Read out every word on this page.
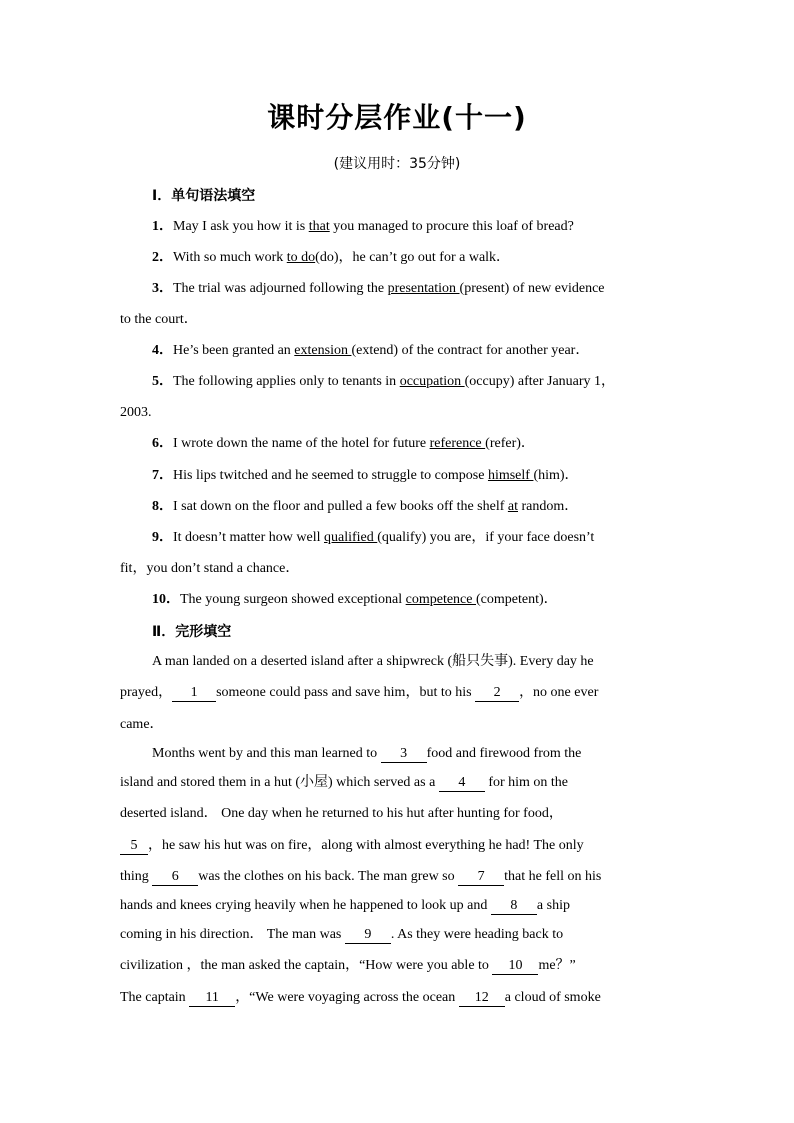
课时分层作业(十一)
(建议用时：35分钟)
Ⅰ．单句语法填空
1．May I ask you how it is that you managed to procure this loaf of bread?
2．With so much work to do(do)，he can’t go out for a walk．
3．The trial was adjourned following the presentation (present) of new evidence
to the court．
4．He’s been granted an extension (extend) of the contract for another year．
5．The following applies only to tenants in occupation (occupy) after January 1，
2003.
6．I wrote down the name of the hotel for future reference (refer)．
7．His lips twitched and he seemed to struggle to compose himself (him)．
8．I sat down on the floor and pulled a few books off the shelf at random．
9．It doesn’t matter how well qualified (qualify) you are，if your face doesn’t
fit，you don’t stand a chance．
10．The young surgeon showed exceptional competence (competent)．
Ⅱ．完形填空
A man landed on a deserted island after a shipwreck (船只失事). Every day he
prayed， 1 someone could pass and save him，but to his 2 ，no one ever
came．
Months went by and this man learned to 3 food and firewood from the
island and stored them in a hut (小屋) which served as a 4 for him on the
deserted island． One day when he returned to his hut after hunting for food，
5 ，he saw his hut was on fire，along with almost everything he had! The only
thing 6 was the clothes on his back. The man grew so 7 that he fell on his
hands and knees crying heavily when he happened to look up and 8 a ship
coming in his direction． The man was 9 . As they were heading back to
civilization ，the man asked the captain，“How were you able to 10 me？”
The captain 11 ，“We were voyaging across the ocean 12 a cloud of smoke
